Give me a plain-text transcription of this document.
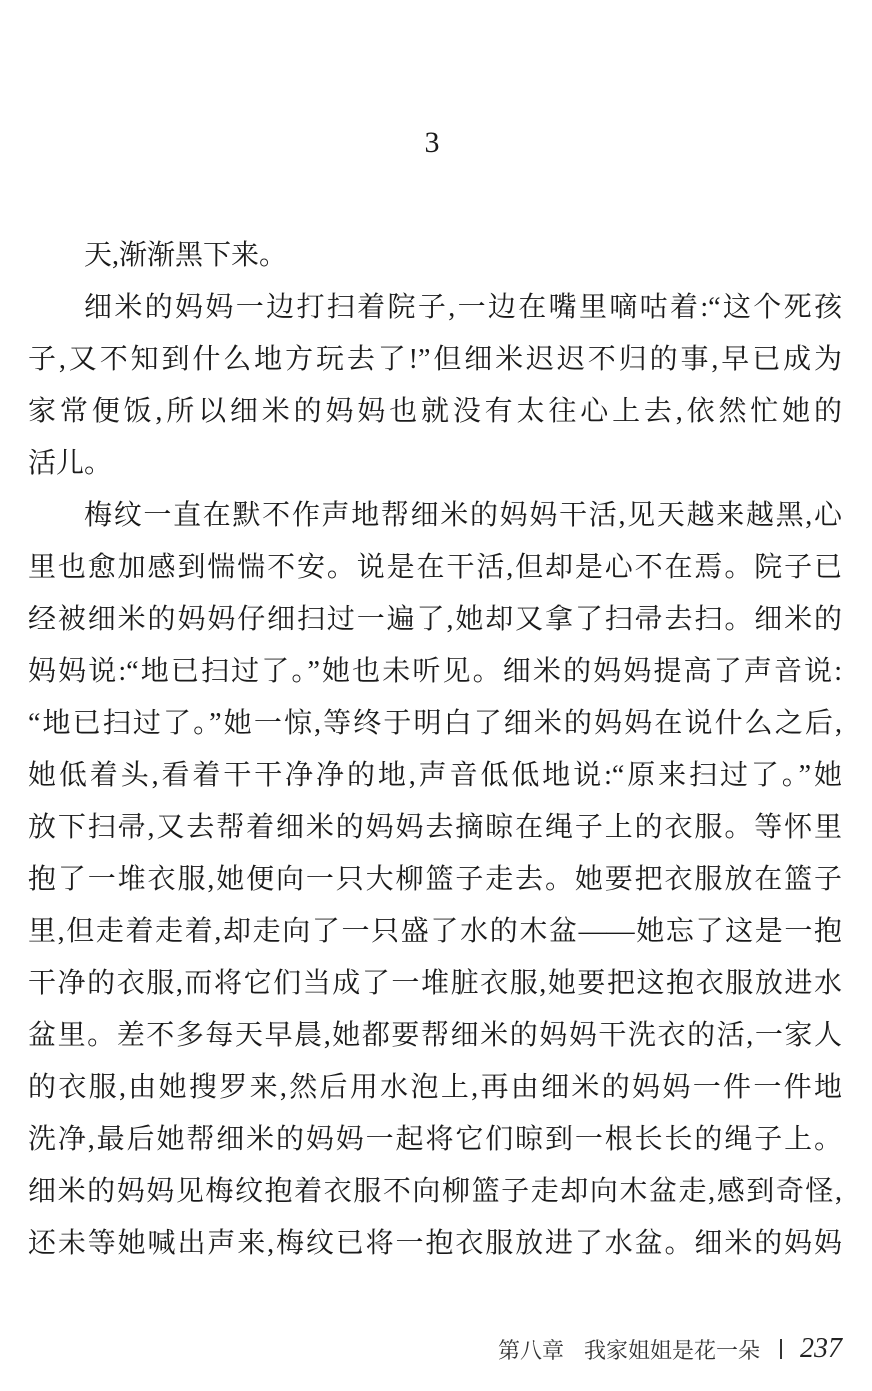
3
天,渐渐黑下来。
细米的妈妈一边打扫着院子,一边在嘴里嘀咕着:“这个死孩
子,又不知到什么地方玩去了!”但细米迟迟不归的事,早已成为
家常便饭,所以细米的妈妈也就没有太往心上去,依然忙她的
活儿。
梅纹一直在默不作声地帮细米的妈妈干活,见天越来越黑,心
里也愈加感到惴惴不安。说是在干活,但却是心不在焉。院子已
经被细米的妈妈仔细扫过一遍了,她却又拿了扫帚去扫。细米的
妈妈说:“地已扫过了。”她也未听见。细米的妈妈提高了声音说:
“地已扫过了。”她一惊,等终于明白了细米的妈妈在说什么之后,
她低着头,看着干干净净的地,声音低低地说:“原来扫过了。”她
放下扫帚,又去帮着细米的妈妈去摘晾在绳子上的衣服。等怀里
抱了一堆衣服,她便向一只大柳篮子走去。她要把衣服放在篮子
里,但走着走着,却走向了一只盛了水的木盆——她忘了这是一抱
干净的衣服,而将它们当成了一堆脏衣服,她要把这抱衣服放进水
盆里。差不多每天早晨,她都要帮细米的妈妈干洗衣的活,一家人
的衣服,由她搜罗来,然后用水泡上,再由细米的妈妈一件一件地
洗净,最后她帮细米的妈妈一起将它们晾到一根长长的绳子上。
细米的妈妈见梅纹抱着衣服不向柳篮子走却向木盆走,感到奇怪,
还未等她喊出声来,梅纹已将一抱衣服放进了水盆。细米的妈妈
第八章 我家姐姐是花一朵 237
